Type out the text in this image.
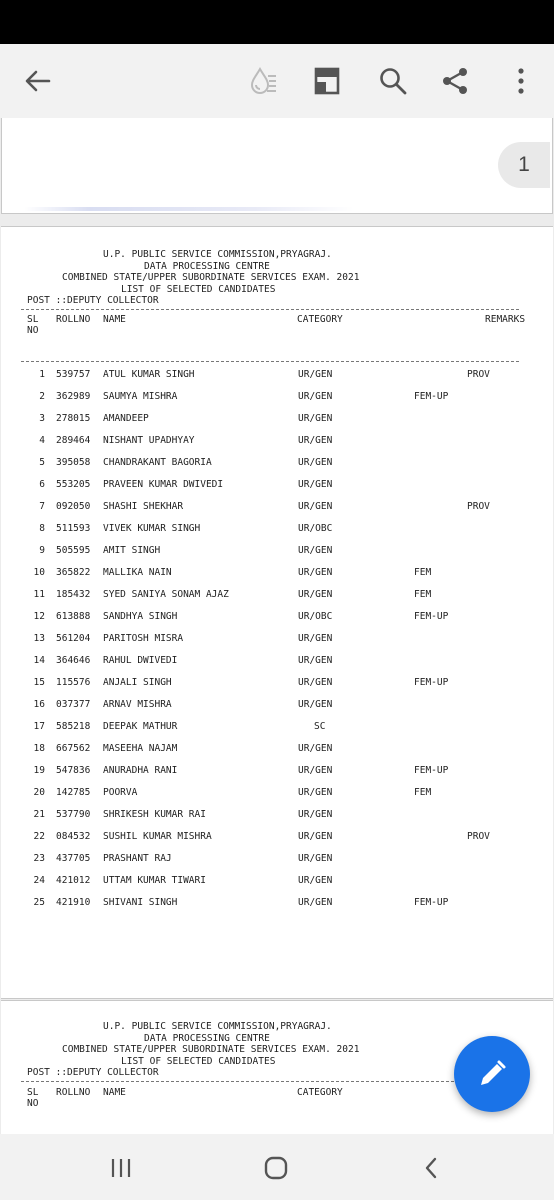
1
U.P. PUBLIC SERVICE COMMISSION,PRYAGRAJ.
DATA PROCESSING CENTRE
COMBINED STATE/UPPER SUBORDINATE SERVICES EXAM. 2021
LIST OF SELECTED CANDIDATES
POST ::DEPUTY COLLECTOR
SL
NO
ROLLNO NAME	CATEGORY	REMARKS
1 539757 ATUL KUMAR SINGH	UR/GEN	PROV
2 362989 SAUMYA MISHRA	UR/GEN	FEM-UP
3 278015 AMANDEEP	UR/GEN
4 289464 NISHANT UPADHYAY	UR/GEN
5 395058 CHANDRAKANT BAGORIA	UR/GEN
6 553205 PRAVEEN KUMAR DWIVEDI	UR/GEN
7 092050 SHASHI SHEKHAR	UR/GEN	PROV
8 511593 VIVEK KUMAR SINGH	UR/OBC
9 505595 AMIT SINGH	UR/GEN
10 365822 MALLIKA NAIN	UR/GEN	FEM
11 185432 SYED SANIYA SONAM AJAZ	UR/GEN	FEM
12 613888 SANDHYA SINGH	UR/OBC	FEM-UP
13 561204 PARITOSH MISRA	UR/GEN
14 364646 RAHUL DWIVEDI	UR/GEN
15 115576 ANJALI SINGH	UR/GEN	FEM-UP
16 037377 ARNAV MISHRA	UR/GEN
17 585218 DEEPAK MATHUR	SC
18 667562 MASEEHA NAJAM	UR/GEN
19 547836 ANURADHA RANI	UR/GEN	FEM-UP
20 142785 POORVA	UR/GEN	FEM
21 537790 SHRIKESH KUMAR RAI	UR/GEN
22 084532 SUSHIL KUMAR MISHRA	UR/GEN	PROV
23 437705 PRASHANT RAJ	UR/GEN
24 421012 UTTAM KUMAR TIWARI	UR/GEN
25 421910 SHIVANI SINGH	UR/GEN	FEM-UP
U.P. PUBLIC SERVICE COMMISSION,PRYAGRAJ.
DATA PROCESSING CENTRE
COMBINED STATE/UPPER SUBORDINATE SERVICES EXAM. 2021
LIST OF SELECTED CANDIDATES
POST ::DEPUTY COLLECTOR
SL
NO
ROLLNO NAME	CATEGORY
